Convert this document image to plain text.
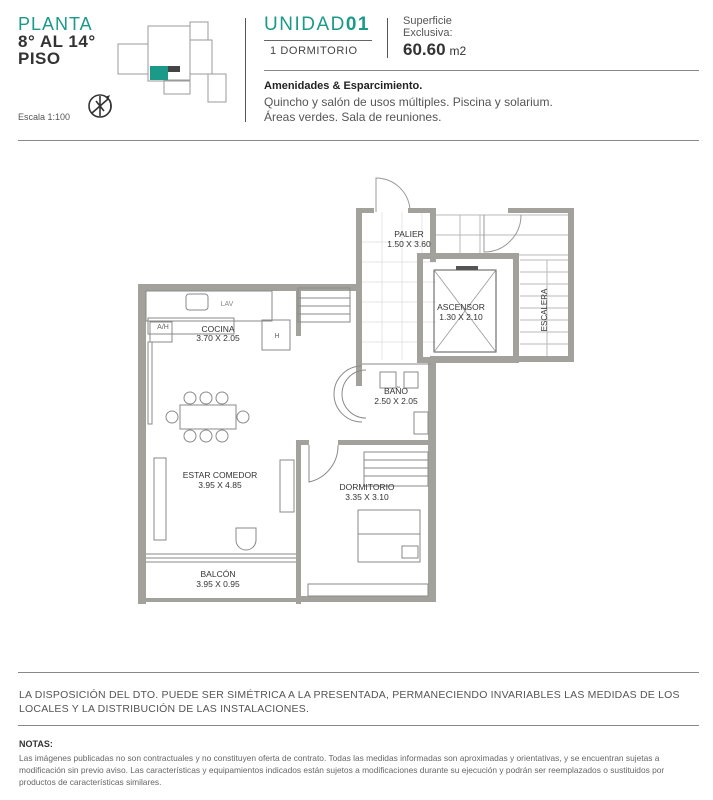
PLANTA
8° AL 14°
PISO
Escala 1:100
UNIDAD01
1 DORMITORIO
Superficie
Exclusiva:
60.60 m2
Amenidades & Esparcimiento.
Quincho y salón de usos múltiples. Piscina y solarium.
Áreas verdes. Sala de reuniones.
PALIER
1.50 X 3.60
ASCENSOR
1.30 X 2.10
COCINA
3.70 X 2.05
BAÑO
2.50 X 2.05
ESTAR COMEDOR
3.95 X 4.85	DORMITORIO
3.35 X 3.10
BALCÓN
3.95 X 0.95
LAV
A/H
H
ESCALERA
LA DISPOSICIÓN DEL DTO. PUEDE SER SIMÉTRICA A LA PRESENTADA, PERMANECIENDO INVARIABLES LAS MEDIDAS DE LOS LOCALES Y LA DISTRIBUCIÓN DE LAS INSTALACIONES.
NOTAS:
Las imágenes publicadas no son contractuales y no constituyen oferta de contrato. Todas las medidas informadas son aproximadas y orientativas, y se encuentran sujetas a modificación sin previo aviso. Las características y equipamientos indicados están sujetos a modificaciones durante su ejecución y podrán ser reemplazados o sustituidos por productos de características similares.
